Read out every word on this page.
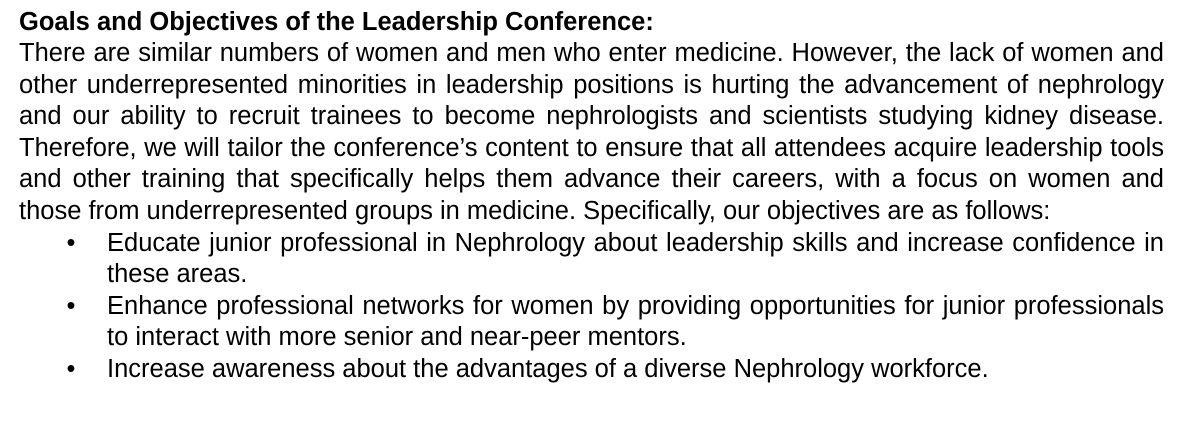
Goals and Objectives of the Leadership Conference:

There are similar numbers of women and men who enter medicine. However, the lack of women and other underrepresented minorities in leadership positions is hurting the advancement of nephrology and our ability to recruit trainees to become nephrologists and scientists studying kidney disease. Therefore, we will tailor the conference’s content to ensure that all attendees acquire leadership tools and other training that specifically helps them advance their careers, with a focus on women and those from underrepresented groups in medicine. Specifically, our objectives are as follows:

• Educate junior professional in Nephrology about leadership skills and increase confidence in these areas.
• Enhance professional networks for women by providing opportunities for junior professionals to interact with more senior and near-peer mentors.
• Increase awareness about the advantages of a diverse Nephrology workforce.
